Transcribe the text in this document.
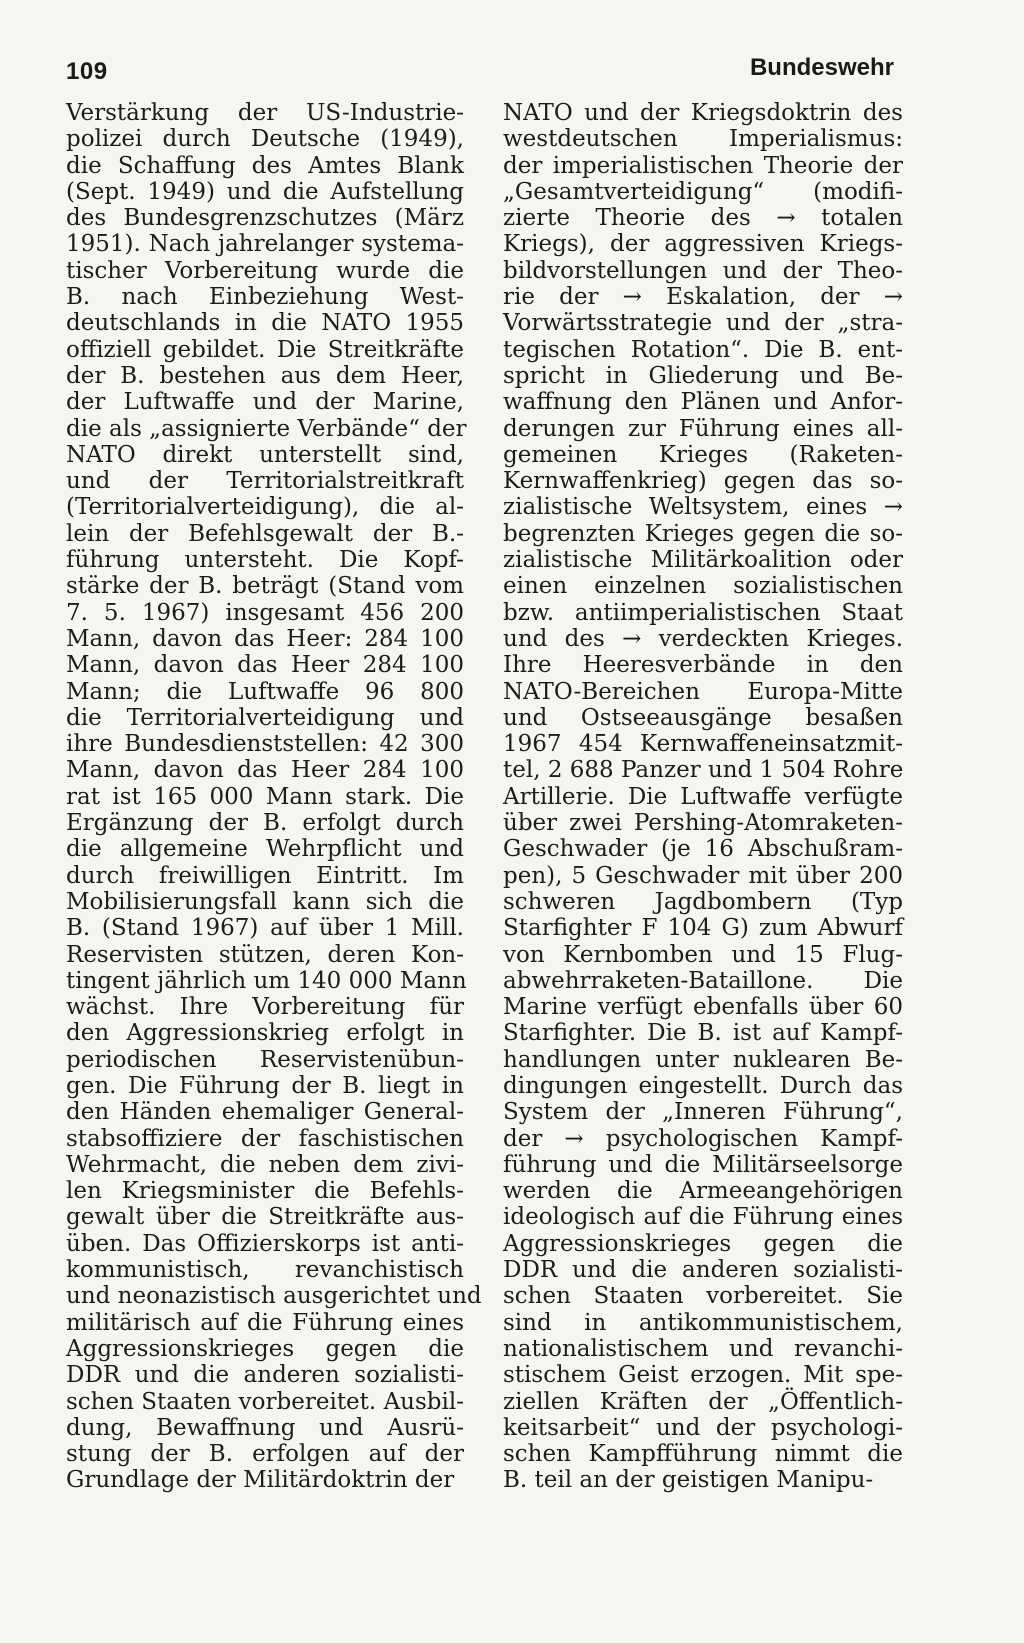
109	Bundeswehr
Verstärkung der US-Industrie-
polizei durch Deutsche (1949),
die Schaffung des Amtes Blank
(Sept. 1949) und die Aufstellung
des Bundesgrenzschutzes (März
1951). Nach jahrelanger systema-
tischer Vorbereitung wurde die
B. nach Einbeziehung West-
deutschlands in die NATO 1955
offiziell gebildet. Die Streitkräfte
der B. bestehen aus dem Heer,
der Luftwaffe und der Marine,
die als „assignierte Verbände“ der
NATO direkt unterstellt sind,
und der Territorialstreitkraft
(Territorialverteidigung), die al-
lein der Befehlsgewalt der B.-
führung untersteht. Die Kopf-
stärke der B. beträgt (Stand vom
7. 5. 1967) insgesamt 456 200
Mann, davon das Heer: 284 100
Mann, davon das Heer 284 100
Mann; die Luftwaffe 96 800
die Territorialverteidigung und
ihre Bundesdienststellen: 42 300
Mann, davon das Heer 284 100
rat ist 165 000 Mann stark. Die
Ergänzung der B. erfolgt durch
die allgemeine Wehrpflicht und
durch freiwilligen Eintritt. Im
Mobilisierungsfall kann sich die
B. (Stand 1967) auf über 1 Mill.
Reservisten stützen, deren Kon-
tingent jährlich um 140 000 Mann
wächst. Ihre Vorbereitung für
den Aggressionskrieg erfolgt in
periodischen Reservistenübun-
gen. Die Führung der B. liegt in
den Händen ehemaliger General-
stabsoffiziere der faschistischen
Wehrmacht, die neben dem zivi-
len Kriegsminister die Befehls-
gewalt über die Streitkräfte aus-
üben. Das Offizierskorps ist anti-
kommunistisch, revanchistisch
und neonazistisch ausgerichtet und
militärisch auf die Führung eines
Aggressionskrieges gegen die
DDR und die anderen sozialisti-
schen Staaten vorbereitet. Ausbil-
dung, Bewaffnung und Ausrü-
stung der B. erfolgen auf der
Grundlage der Militärdoktrin der
NATO und der Kriegsdoktrin des
westdeutschen Imperialismus:
der imperialistischen Theorie der
„Gesamtverteidigung“ (modifi-
zierte Theorie des → totalen
Kriegs), der aggressiven Kriegs-
bildvorstellungen und der Theo-
rie der → Eskalation, der →
Vorwärtsstrategie und der „stra-
tegischen Rotation“. Die B. ent-
spricht in Gliederung und Be-
waffnung den Plänen und Anfor-
derungen zur Führung eines all-
gemeinen Krieges (Raketen-
Kernwaffenkrieg) gegen das so-
zialistische Weltsystem, eines →
begrenzten Krieges gegen die so-
zialistische Militärkoalition oder
einen einzelnen sozialistischen
bzw. antiimperialistischen Staat
und des → verdeckten Krieges.
Ihre Heeresverbände in den
NATO-Bereichen Europa-Mitte
und Ostseeausgänge besaßen
1967 454 Kernwaffeneinsatzmit-
tel, 2 688 Panzer und 1 504 Rohre
Artillerie. Die Luftwaffe verfügte
über zwei Pershing-Atomraketen-
Geschwader (je 16 Abschußram-
pen), 5 Geschwader mit über 200
schweren Jagdbombern (Typ
Starfighter F 104 G) zum Abwurf
von Kernbomben und 15 Flug-
abwehrraketen-Bataillone. Die
Marine verfügt ebenfalls über 60
Starfighter. Die B. ist auf Kampf-
handlungen unter nuklearen Be-
dingungen eingestellt. Durch das
System der „Inneren Führung“,
der → psychologischen Kampf-
führung und die Militärseelsorge
werden die Armeeangehörigen
ideologisch auf die Führung eines
Aggressionskrieges gegen die
DDR und die anderen sozialisti-
schen Staaten vorbereitet. Sie
sind in antikommunistischem,
nationalistischem und revanchi-
stischem Geist erzogen. Mit spe-
ziellen Kräften der „Öffentlich-
keitsarbeit“ und der psychologi-
schen Kampfführung nimmt die
B. teil an der geistigen Manipu-
